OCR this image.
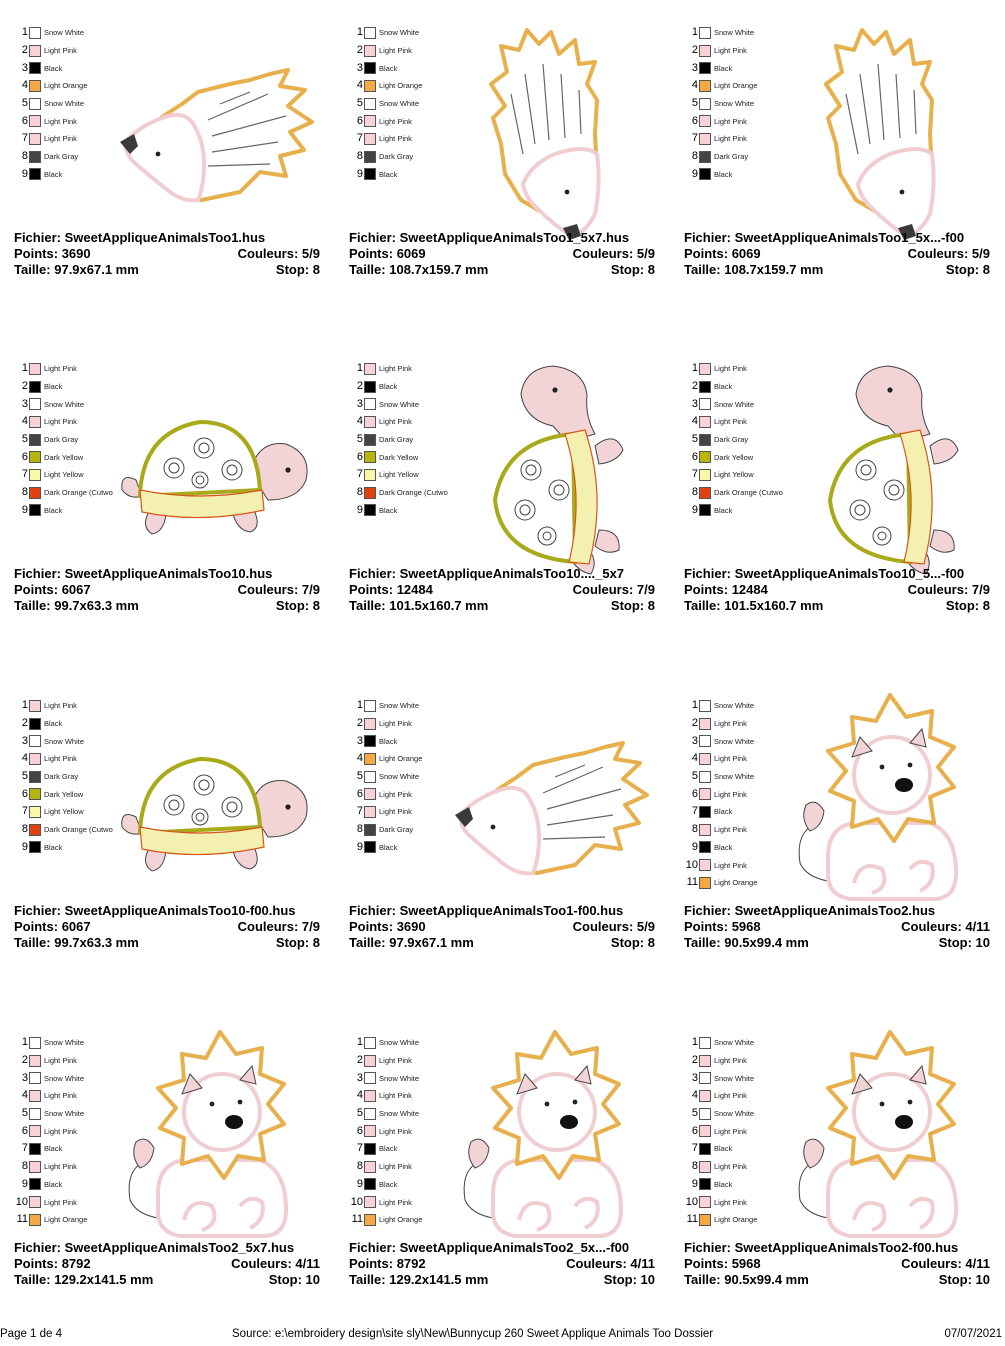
1 Snow White
2 Light Pink
3 Black
4 Light Orange
5 Snow White
6 Light Pink
7 Light Pink
8 Dark Gray
9 Black
Fichier: SweetAppliqueAnimalsToo1.hus
Points: 3690	Couleurs: 5/9
Taille: 97.9x67.1 mm	Stop: 8
1 Snow White
2 Light Pink
3 Black
4 Light Orange
5 Snow White
6 Light Pink
7 Light Pink
8 Dark Gray
9 Black
Fichier: SweetAppliqueAnimalsToo1_5x7.hus
Points: 6069	Couleurs: 5/9
Taille: 108.7x159.7 mm	Stop: 8
1 Snow White
2 Light Pink
3 Black
4 Light Orange
5 Snow White
6 Light Pink
7 Light Pink
8 Dark Gray
9 Black
Fichier: SweetAppliqueAnimalsToo1_5x...-f00
Points: 6069	Couleurs: 5/9
Taille: 108.7x159.7 mm	Stop: 8
1 Light Pink
2 Black
3 Snow White
4 Light Pink
5 Dark Gray
6 Dark Yellow
7 Light Yellow
8 Dark Orange (Cutwo
9 Black
Fichier: SweetAppliqueAnimalsToo10.hus
Points: 6067	Couleurs: 7/9
Taille: 99.7x63.3 mm	Stop: 8
1 Light Pink
2 Black
3 Snow White
4 Light Pink
5 Dark Gray
6 Dark Yellow
7 Light Yellow
8 Dark Orange (Cutwo
9 Black
Fichier: SweetAppliqueAnimalsToo10...._5x7
Points: 12484	Couleurs: 7/9
Taille: 101.5x160.7 mm	Stop: 8
1 Light Pink
2 Black
3 Snow White
4 Light Pink
5 Dark Gray
6 Dark Yellow
7 Light Yellow
8 Dark Orange (Cutwo
9 Black
Fichier: SweetAppliqueAnimalsToo10_5...-f00
Points: 12484	Couleurs: 7/9
Taille: 101.5x160.7 mm	Stop: 8
1 Light Pink
2 Black
3 Snow White
4 Light Pink
5 Dark Gray
6 Dark Yellow
7 Light Yellow
8 Dark Orange (Cutwo
9 Black
Fichier: SweetAppliqueAnimalsToo10-f00.hus
Points: 6067	Couleurs: 7/9
Taille: 99.7x63.3 mm	Stop: 8
1 Snow White
2 Light Pink
3 Black
4 Light Orange
5 Snow White
6 Light Pink
7 Light Pink
8 Dark Gray
9 Black
Fichier: SweetAppliqueAnimalsToo1-f00.hus
Points: 3690	Couleurs: 5/9
Taille: 97.9x67.1 mm	Stop: 8
1 Snow White
2 Light Pink
3 Snow White
4 Light Pink
5 Snow White
6 Light Pink
7 Black
8 Light Pink
9 Black
10 Light Pink
11 Light Orange
Fichier: SweetAppliqueAnimalsToo2.hus
Points: 5968	Couleurs: 4/11
Taille: 90.5x99.4 mm	Stop: 10
1 Snow White
2 Light Pink
3 Snow White
4 Light Pink
5 Snow White
6 Light Pink
7 Black
8 Light Pink
9 Black
10 Light Pink
11 Light Orange
Fichier: SweetAppliqueAnimalsToo2_5x7.hus
Points: 8792	Couleurs: 4/11
Taille: 129.2x141.5 mm	Stop: 10
1 Snow White
2 Light Pink
3 Snow White
4 Light Pink
5 Snow White
6 Light Pink
7 Black
8 Light Pink
9 Black
10 Light Pink
11 Light Orange
Fichier: SweetAppliqueAnimalsToo2_5x...-f00
Points: 8792	Couleurs: 4/11
Taille: 129.2x141.5 mm	Stop: 10
1 Snow White
2 Light Pink
3 Snow White
4 Light Pink
5 Snow White
6 Light Pink
7 Black
8 Light Pink
9 Black
10 Light Pink
11 Light Orange
Fichier: SweetAppliqueAnimalsToo2-f00.hus
Points: 5968	Couleurs: 4/11
Taille: 90.5x99.4 mm	Stop: 10
Page 1 de 4	Source: e:\embroidery design\site sly\New\Bunnycup 260 Sweet Applique Animals Too Dossier	07/07/2021
